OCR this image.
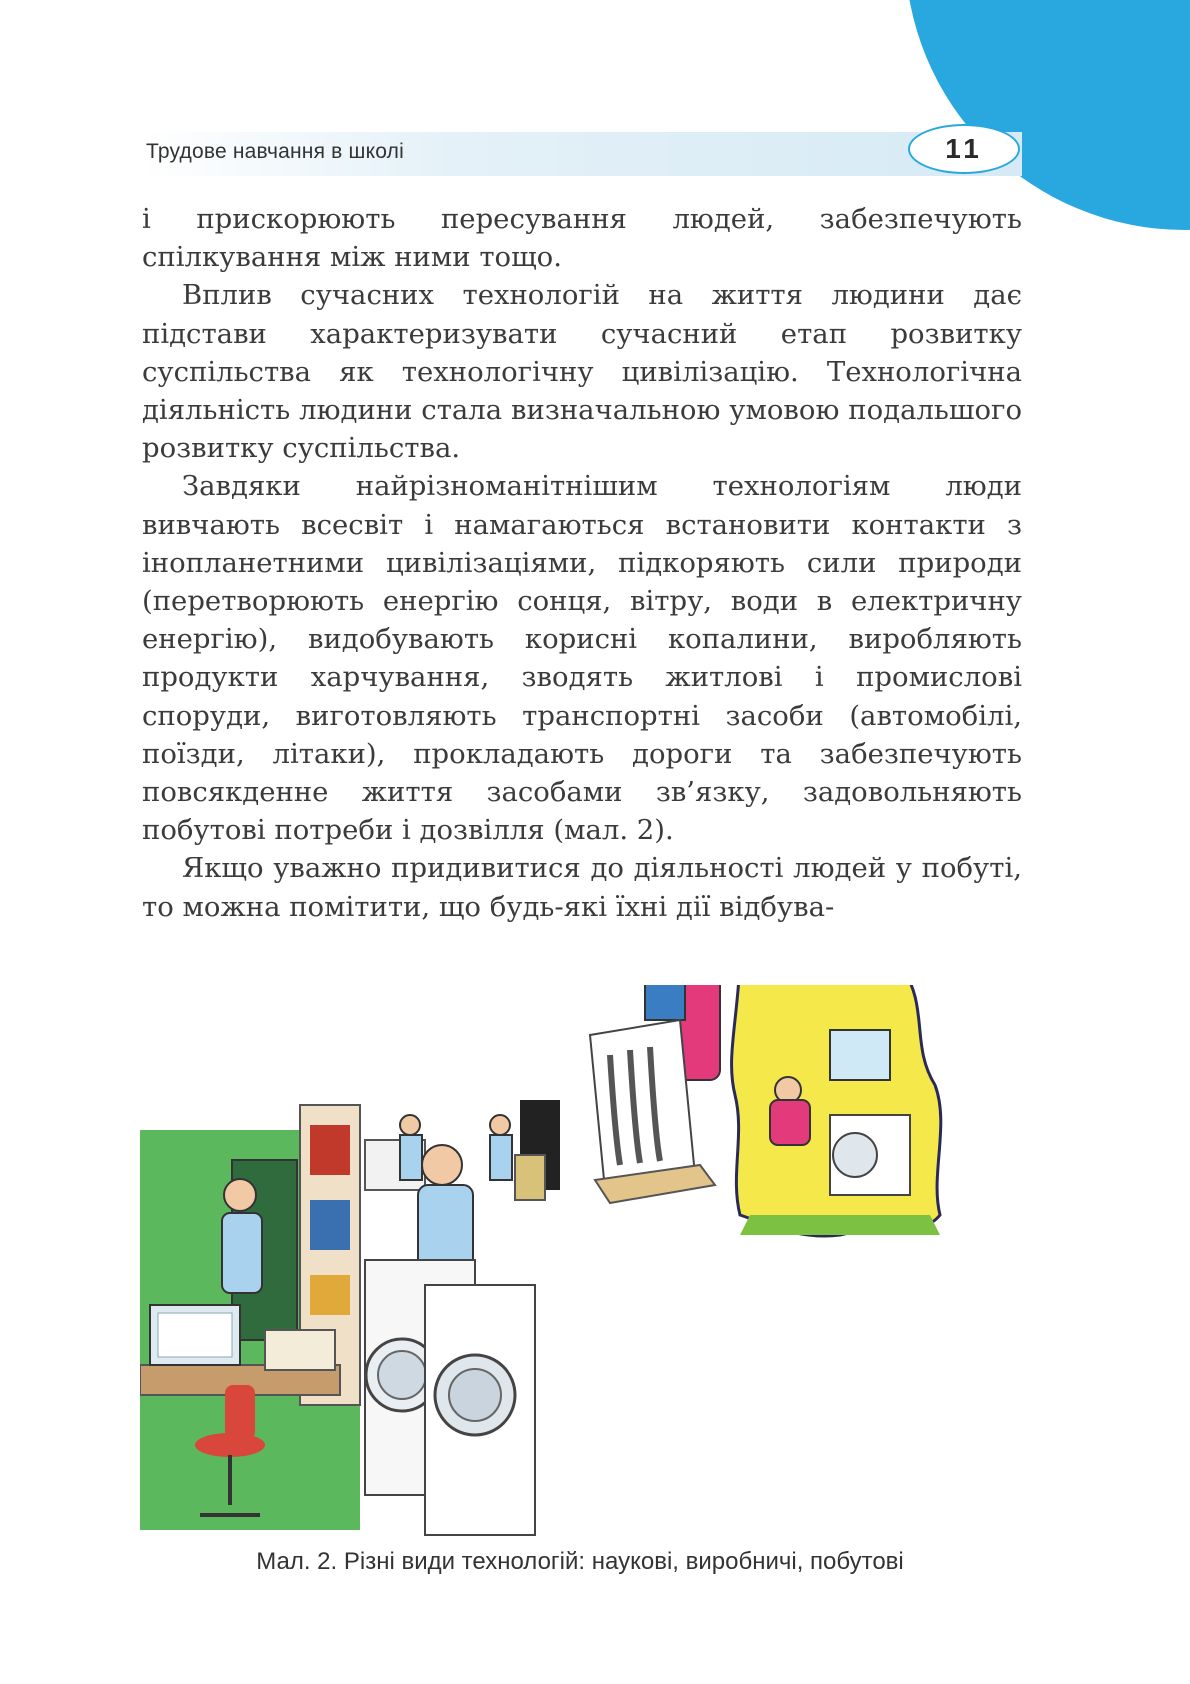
Трудове навчання в школі	11

і прискорюють пересування людей, забезпечують спілкування між ними тощо.

Вплив сучасних технологій на життя людини дає підстави характеризувати сучасний етап розвитку суспільства як технологічну цивілізацію. Технологічна діяльність людини стала визначальною умовою подальшого розвитку суспільства.

Завдяки найрізноманітнішим технологіям люди вивчають всесвіт і намагаються встановити контакти з інопланетними цивілізаціями, підкоряють сили природи (перетворюють енергію сонця, вітру, води в електричну енергію), видобувають корисні копалини, виробляють продукти харчування, зводять житлові і промислові споруди, виготовляють транспортні засоби (автомобілі, поїзди, літаки), прокладають дороги та забезпечують повсякденне життя засобами зв’язку, задовольняють побутові потреби і дозвілля (мал. 2).

Якщо уважно придивитися до діяльності людей у побуті, то можна помітити, що будь-які їхні дії відбува-

Мал. 2. Різні види технологій: наукові, виробничі, побутові
